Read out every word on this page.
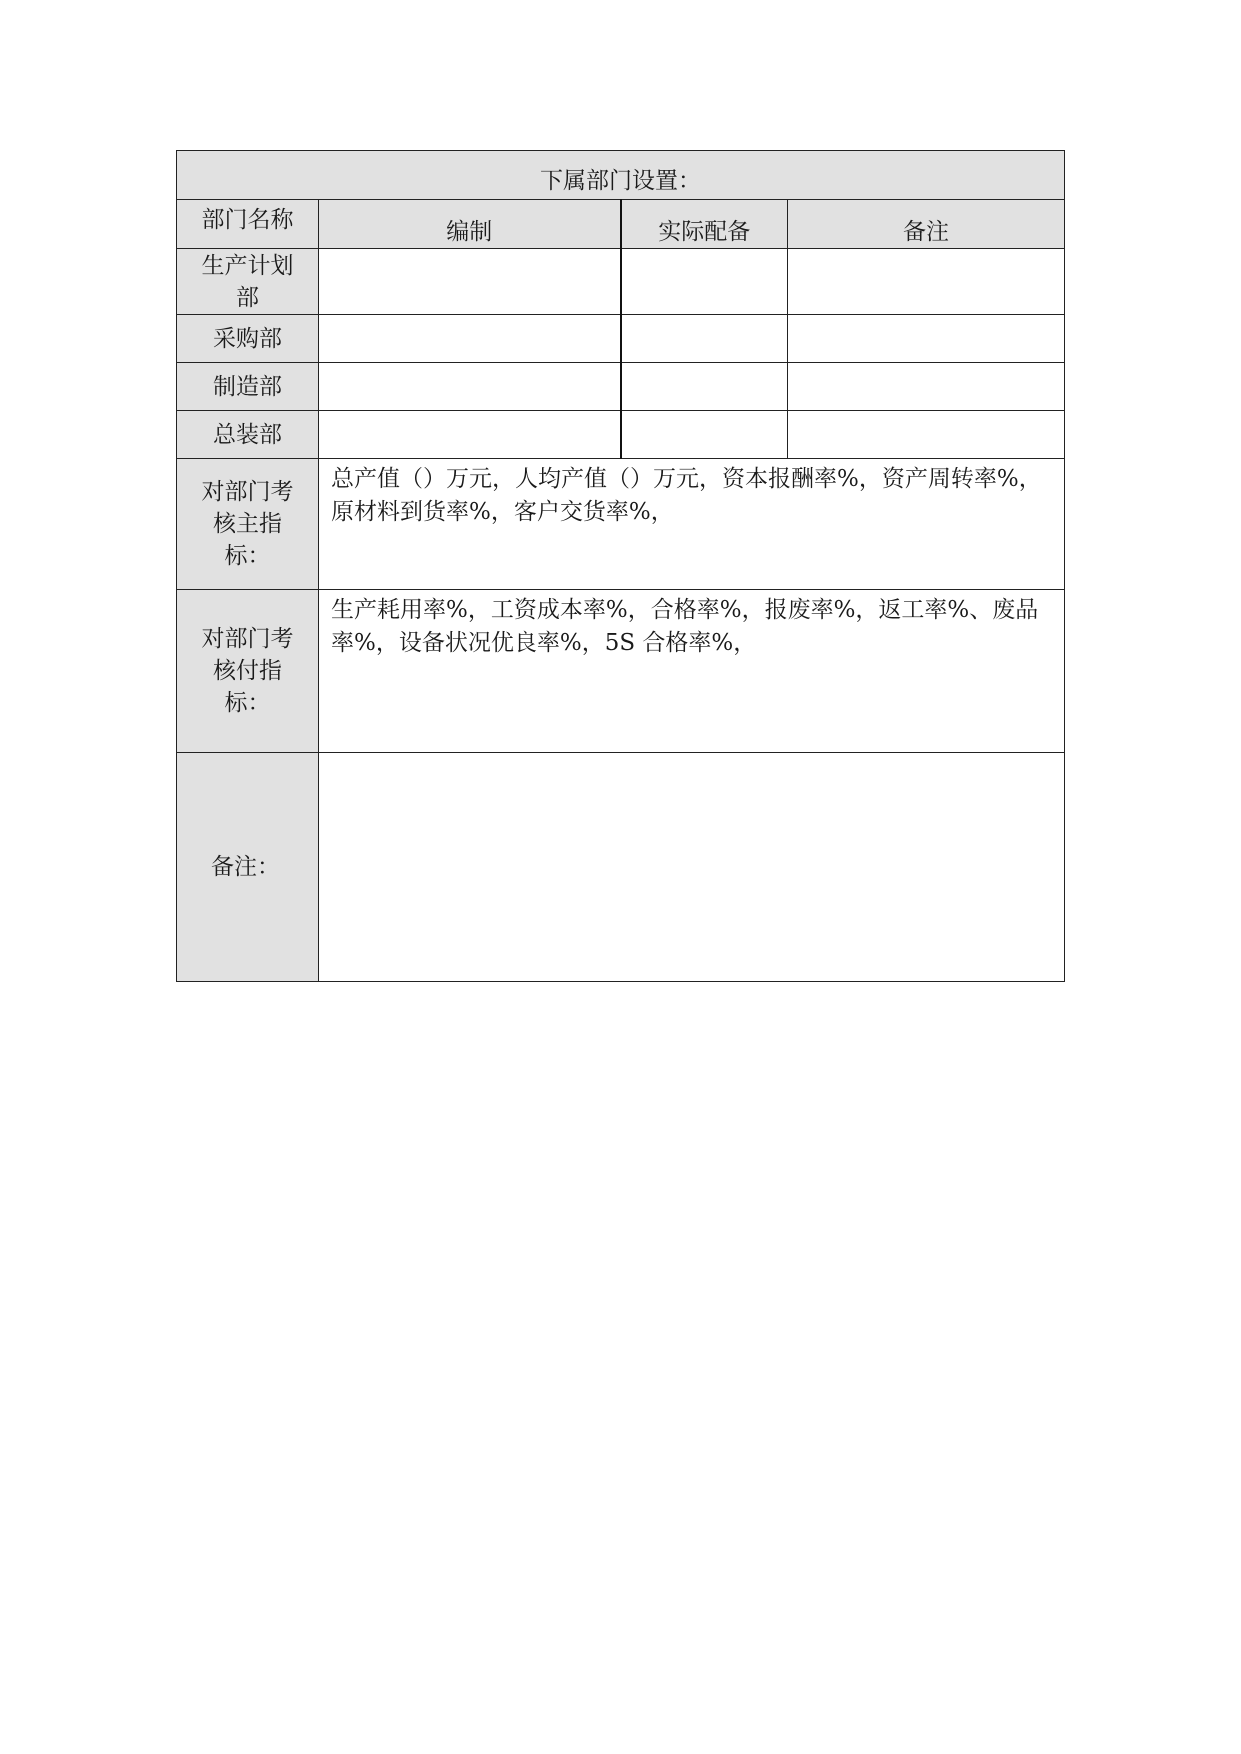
下属部门设置：			
部门名称	编制	实际配备	备注

生产计划部			

采购部			
制造部			
总装部			

对部门考核主指标：	总产值（）万元，人均产值（）万元，资本报酬率%，资产周转率%，原材料到货率%，客户交货率%，		

对部门考核付指标：	生产耗用率%，工资成本率%，合格率%，报废率%，返工率%、废品率%，设备状况优良率%，5S 合格率%，		
备注：			
